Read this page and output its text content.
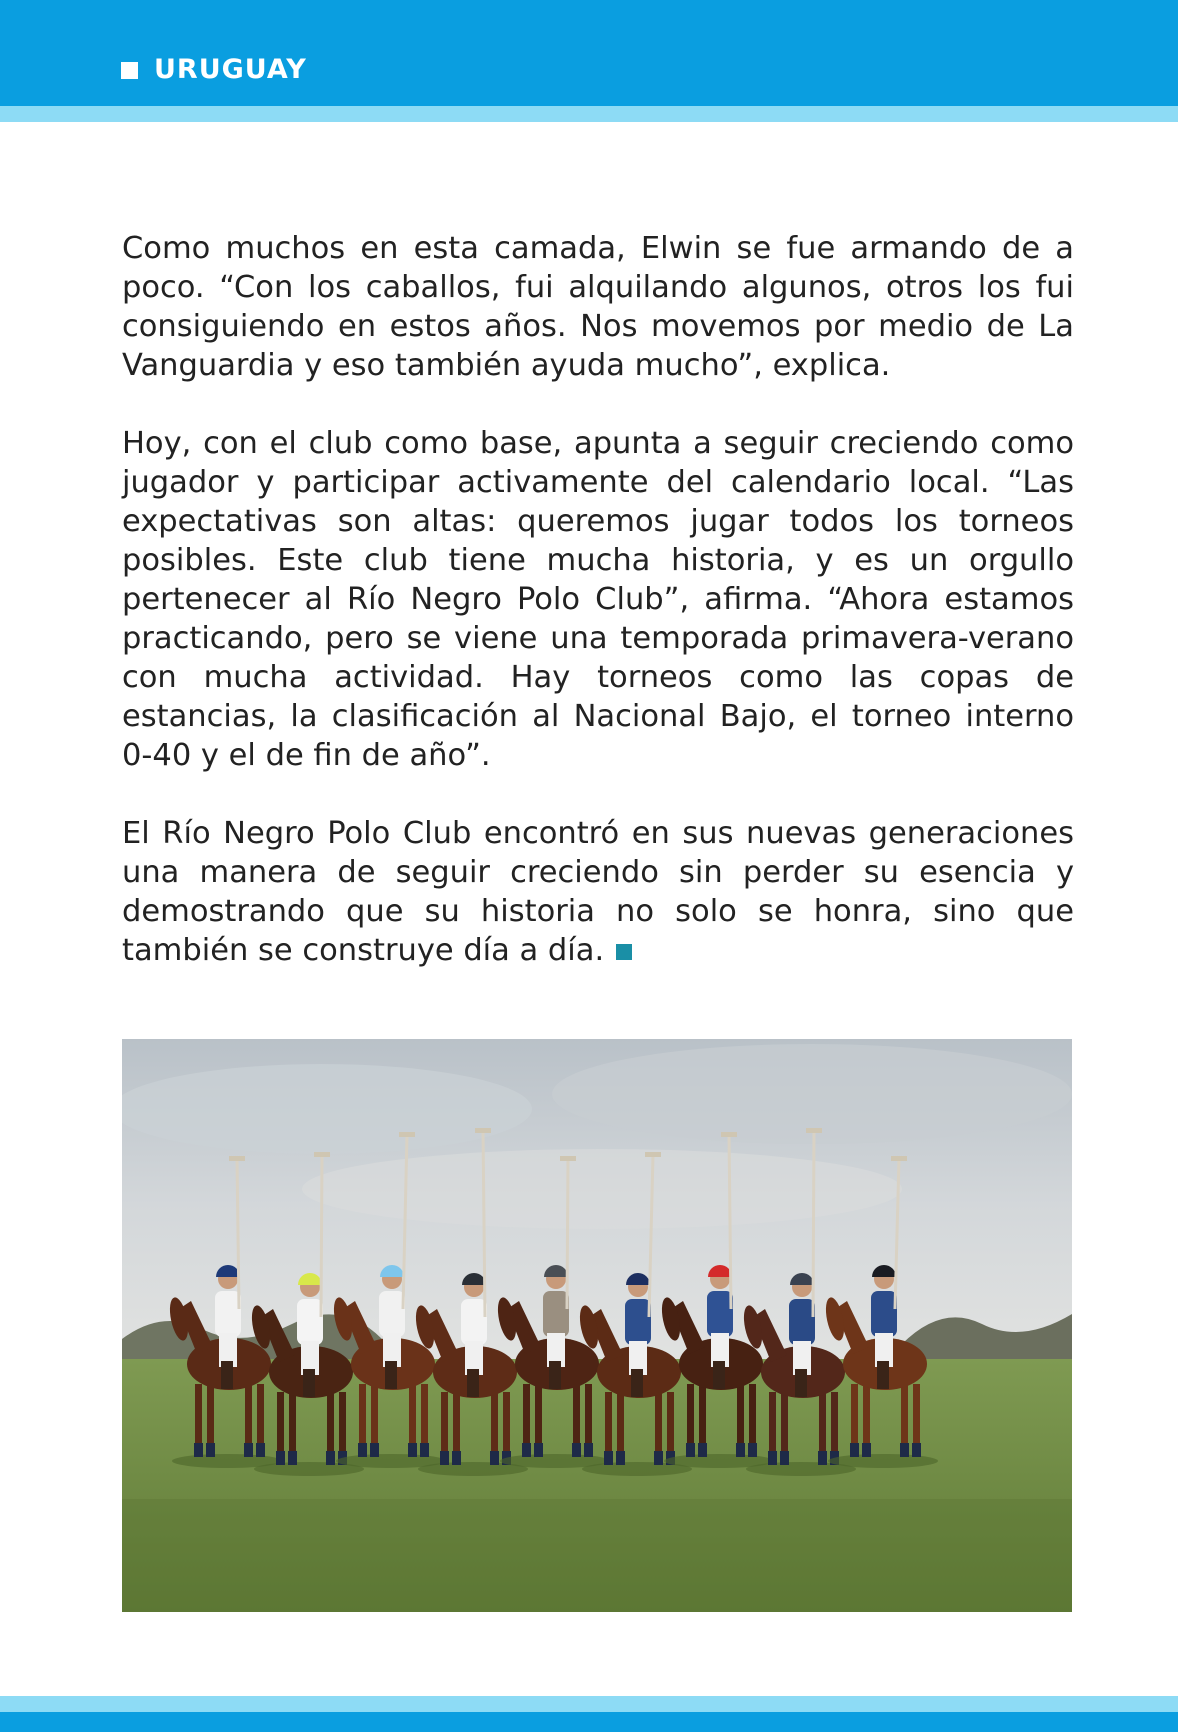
URUGUAY

Como muchos en esta camada, Elwin se fue armando de a poco. “Con los caballos, fui alquilando algunos, otros los fui consiguiendo en estos años. Nos movemos por medio de La Vanguardia y eso también ayuda mucho”, explica.

Hoy, con el club como base, apunta a seguir creciendo como jugador y participar activamente del calendario local. “Las expectativas son altas: queremos jugar todos los torneos posibles. Este club tiene mucha historia, y es un orgullo pertenecer al Río Negro Polo Club”, afirma. “Ahora estamos practicando, pero se viene una temporada primavera-verano con mucha actividad. Hay torneos como las copas de estancias, la clasificación al Nacional Bajo, el torneo interno 0-40 y el de fin de año”.

El Río Negro Polo Club encontró en sus nuevas generaciones una manera de seguir creciendo sin perder su esencia y demostrando que su historia no solo se honra, sino que también se construye día a día.
